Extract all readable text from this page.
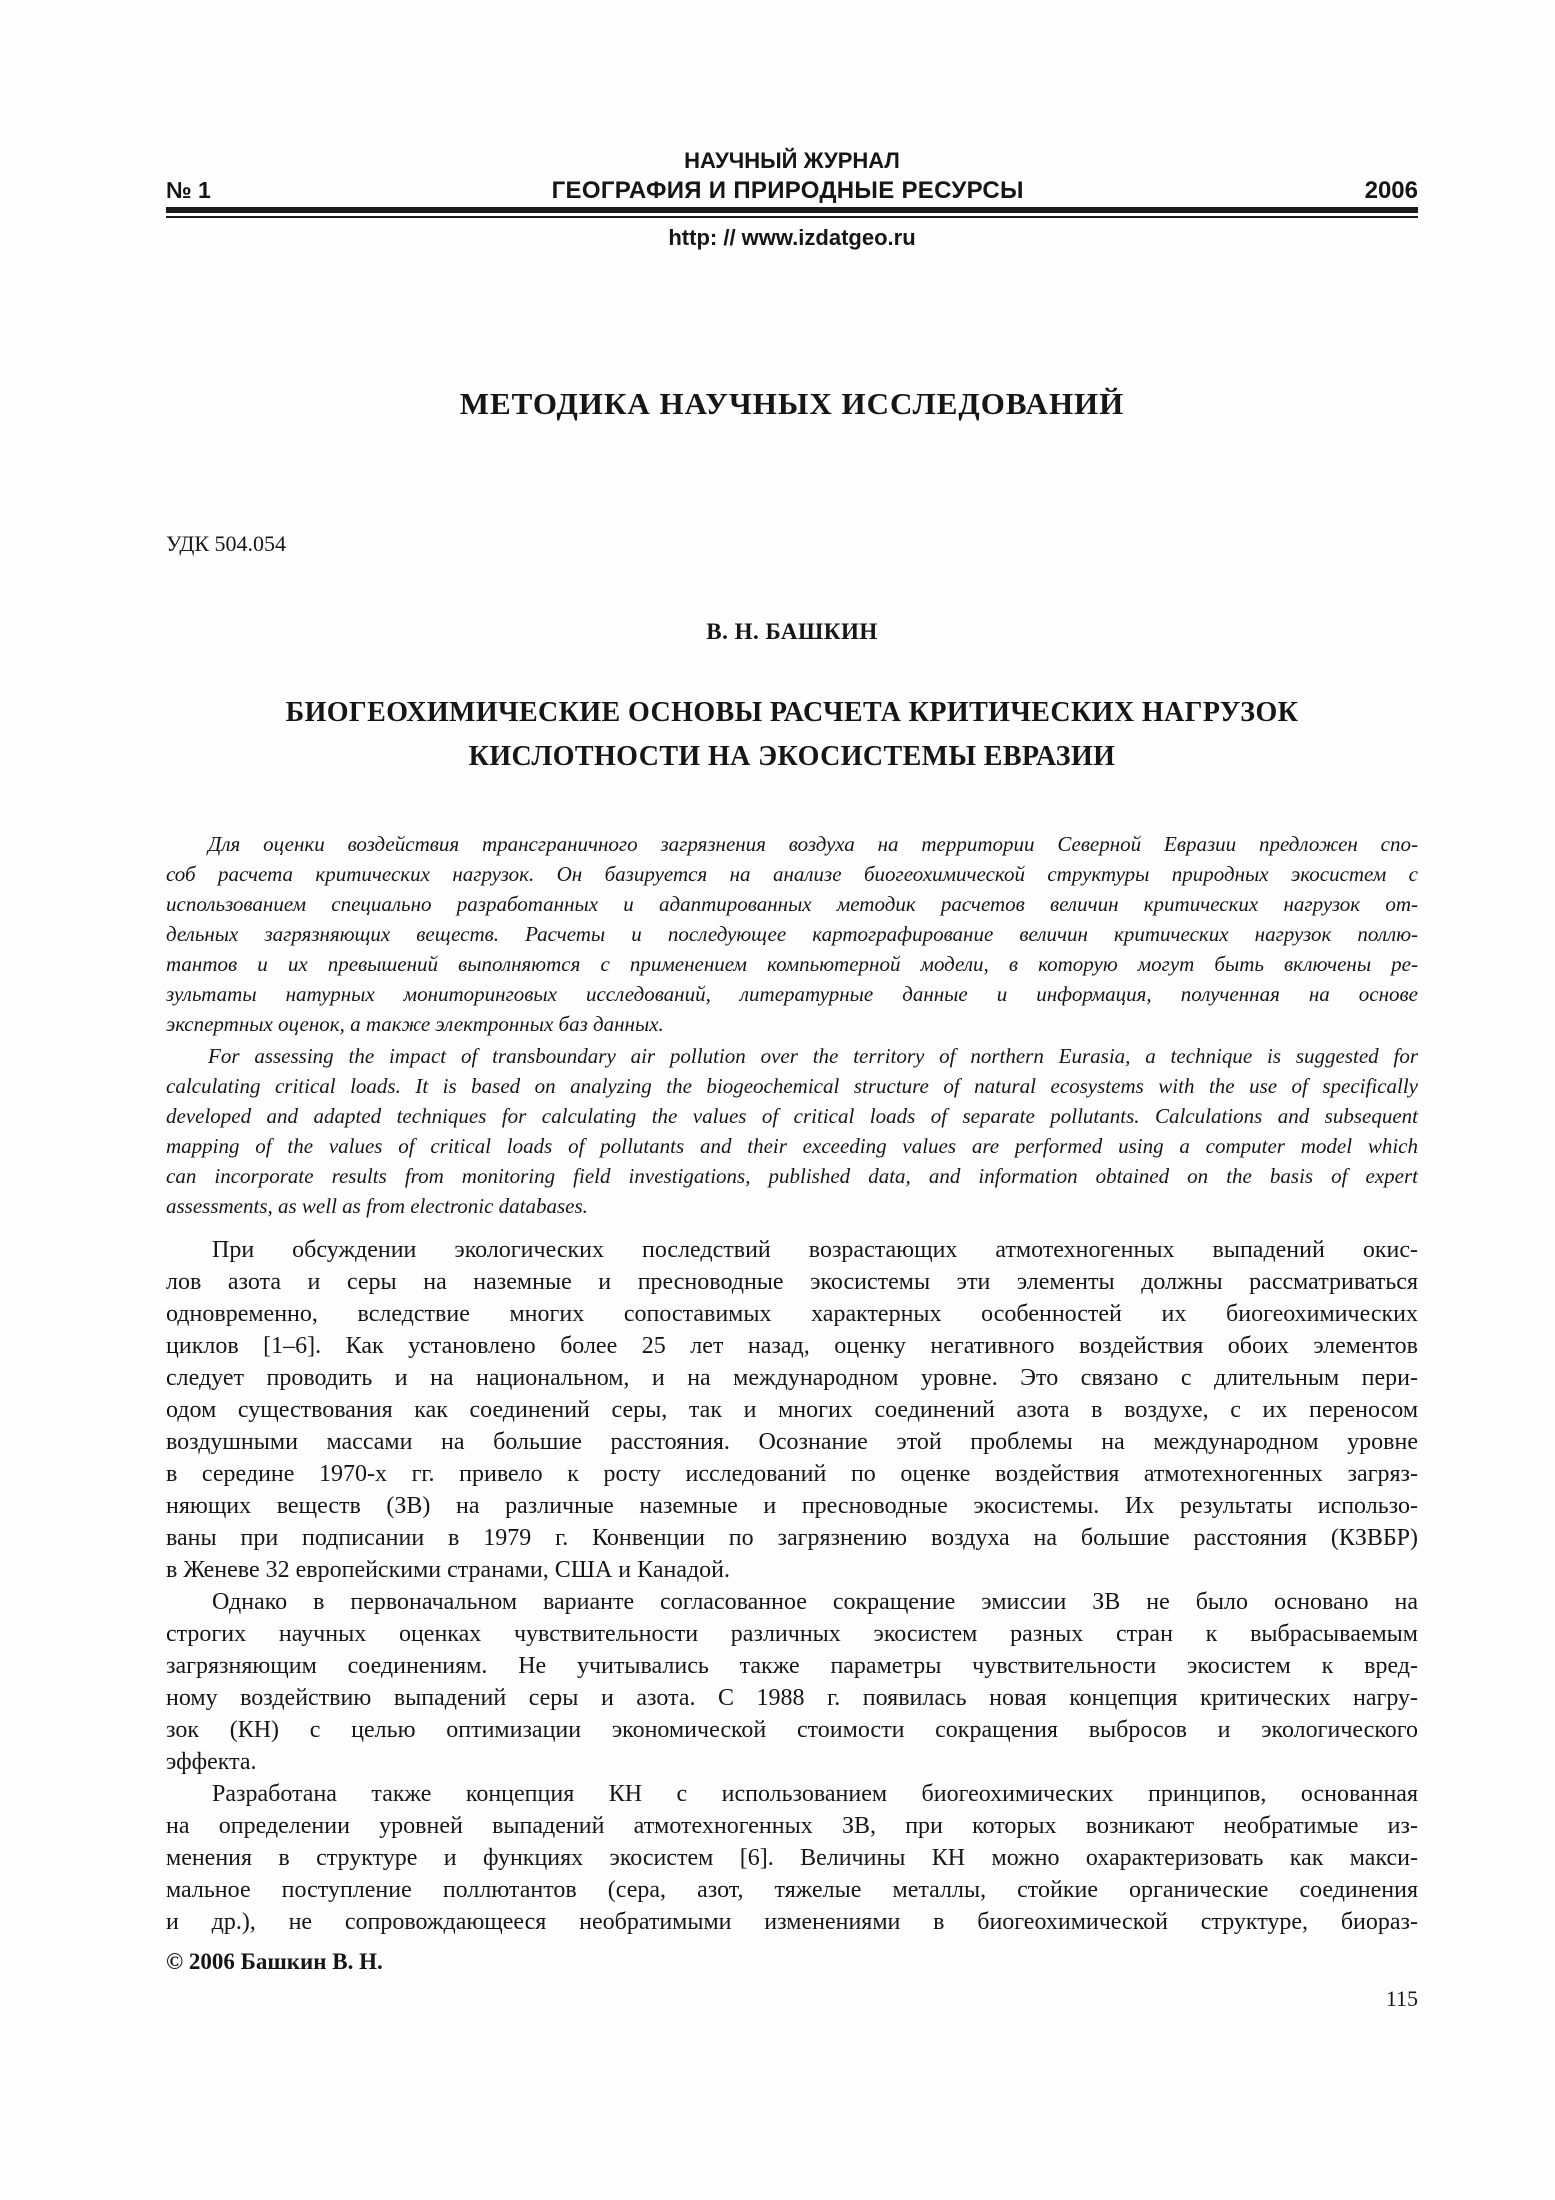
НАУЧНЫЙ ЖУРНАЛ
№ 1	ГЕОГРАФИЯ И ПРИРОДНЫЕ РЕСУРСЫ	2006
http: // www.izdatgeo.ru
МЕТОДИКА НАУЧНЫХ ИССЛЕДОВАНИЙ
УДК 504.054
В. Н. БАШКИН
БИОГЕОХИМИЧЕСКИЕ ОСНОВЫ РАСЧЕТА КРИТИЧЕСКИХ НАГРУЗОК
КИСЛОТНОСТИ НА ЭКОСИСТЕМЫ ЕВРАЗИИ
Для оценки воздействия трансграничного загрязнения воздуха на территории Северной Евразии предложен спо-
соб расчета критических нагрузок. Он базируется на анализе биогеохимической структуры природных экосистем с
использованием специально разработанных и адаптированных методик расчетов величин критических нагрузок от-
дельных загрязняющих веществ. Расчеты и последующее картографирование величин критических нагрузок поллю-
тантов и их превышений выполняются с применением компьютерной модели, в которую могут быть включены ре-
зультаты натурных мониторинговых исследований, литературные данные и информация, полученная на основе
экспертных оценок, а также электронных баз данных.
For assessing the impact of transboundary air pollution over the territory of northern Eurasia, a technique is suggested for
calculating critical loads. It is based on analyzing the biogeochemical structure of natural ecosystems with the use of specifically
developed and adapted techniques for calculating the values of critical loads of separate pollutants. Calculations and subsequent
mapping of the values of critical loads of pollutants and their exceeding values are performed using a computer model which
can incorporate results from monitoring field investigations, published data, and information obtained on the basis of expert
assessments, as well as from electronic databases.
При обсуждении экологических последствий возрастающих атмотехногенных выпадений окис-
лов азота и серы на наземные и пресноводные экосистемы эти элементы должны рассматриваться
одновременно, вследствие многих сопоставимых характерных особенностей их биогеохимических
циклов [1–6]. Как установлено более 25 лет назад, оценку негативного воздействия обоих элементов
следует проводить и на национальном, и на международном уровне. Это связано с длительным пери-
одом существования как соединений серы, так и многих соединений азота в воздухе, с их переносом
воздушными массами на большие расстояния. Осознание этой проблемы на международном уровне
в середине 1970-х гг. привело к росту исследований по оценке воздействия атмотехногенных загряз-
няющих веществ (ЗВ) на различные наземные и пресноводные экосистемы. Их результаты использо-
ваны при подписании в 1979 г. Конвенции по загрязнению воздуха на большие расстояния (КЗВБР)
в Женеве 32 европейскими странами, США и Канадой.
Однако в первоначальном варианте согласованное сокращение эмиссии ЗВ не было основано на
строгих научных оценках чувствительности различных экосистем разных стран к выбрасываемым
загрязняющим соединениям. Не учитывались также параметры чувствительности экосистем к вред-
ному воздействию выпадений серы и азота. С 1988 г. появилась новая концепция критических нагру-
зок (КН) с целью оптимизации экономической стоимости сокращения выбросов и экологического
эффекта.
Разработана также концепция КН с использованием биогеохимических принципов, основанная
на определении уровней выпадений атмотехногенных ЗВ, при которых возникают необратимые из-
менения в структуре и функциях экосистем [6]. Величины КН можно охарактеризовать как макси-
мальное поступление поллютантов (сера, азот, тяжелые металлы, стойкие органические соединения
и др.), не сопровождающееся необратимыми изменениями в биогеохимической структуре, биораз-
© 2006 Башкин В. Н.
115
